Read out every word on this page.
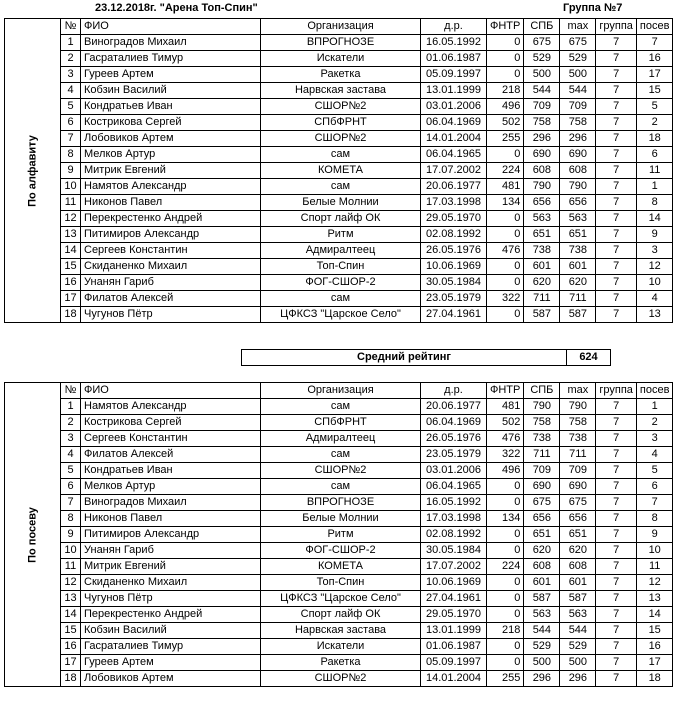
23.12.2018г. "Арена Топ-Спин"	Группа №7
По алфавиту	№	ФИО	Организация	д.р.	ФНТР	СПБ	max	группа	посев
	1	Виноградов Михаил	ВПРОГНОЗЕ	16.05.1992	0	675	675	7	7
	2	Гасраталиев Тимур	Искатели	01.06.1987	0	529	529	7	16
	3	Гуреев Артем	Ракетка	05.09.1997	0	500	500	7	17
	4	Кобзин Василий	Нарвская застава	13.01.1999	218	544	544	7	15
	5	Кондратьев Иван	СШОР№2	03.01.2006	496	709	709	7	5
	6	Кострикова Сергей	СПбФРНТ	06.04.1969	502	758	758	7	2
	7	Лобовиков Артем	СШОР№2	14.01.2004	255	296	296	7	18
	8	Мелков Артур	сам	06.04.1965	0	690	690	7	6
	9	Митрик Евгений	КОМЕТА	17.07.2002	224	608	608	7	11
	10	Намятов Александр	сам	20.06.1977	481	790	790	7	1
	11	Никонов Павел	Белые Молнии	17.03.1998	134	656	656	7	8
	12	Перекрестенко Андрей	Спорт лайф ОК	29.05.1970	0	563	563	7	14
	13	Питимиров Александр	Ритм	02.08.1992	0	651	651	7	9
	14	Сергеев Константин	Адмиралтеец	26.05.1976	476	738	738	7	3
	15	Скиданенко Михаил	Топ-Спин	10.06.1969	0	601	601	7	12
	16	Унанян Гариб	ФОГ-СШОР-2	30.05.1984	0	620	620	7	10
	17	Филатов Алексей	сам	23.05.1979	322	711	711	7	4
	18	Чугунов Пётр	ЦФКСЗ "Царское Село"	27.04.1961	0	587	587	7	13
Средний рейтинг	624
По посеву	№	ФИО	Организация	д.р.	ФНТР	СПБ	max	группа	посев
	1	Намятов Александр	сам	20.06.1977	481	790	790	7	1
	2	Кострикова Сергей	СПбФРНТ	06.04.1969	502	758	758	7	2
	3	Сергеев Константин	Адмиралтеец	26.05.1976	476	738	738	7	3
	4	Филатов Алексей	сам	23.05.1979	322	711	711	7	4
	5	Кондратьев Иван	СШОР№2	03.01.2006	496	709	709	7	5
	6	Мелков Артур	сам	06.04.1965	0	690	690	7	6
	7	Виноградов Михаил	ВПРОГНОЗЕ	16.05.1992	0	675	675	7	7
	8	Никонов Павел	Белые Молнии	17.03.1998	134	656	656	7	8
	9	Питимиров Александр	Ритм	02.08.1992	0	651	651	7	9
	10	Унанян Гариб	ФОГ-СШОР-2	30.05.1984	0	620	620	7	10
	11	Митрик Евгений	КОМЕТА	17.07.2002	224	608	608	7	11
	12	Скиданенко Михаил	Топ-Спин	10.06.1969	0	601	601	7	12
	13	Чугунов Пётр	ЦФКСЗ "Царское Село"	27.04.1961	0	587	587	7	13
	14	Перекрестенко Андрей	Спорт лайф ОК	29.05.1970	0	563	563	7	14
	15	Кобзин Василий	Нарвская застава	13.01.1999	218	544	544	7	15
	16	Гасраталиев Тимур	Искатели	01.06.1987	0	529	529	7	16
	17	Гуреев Артем	Ракетка	05.09.1997	0	500	500	7	17
	18	Лобовиков Артем	СШОР№2	14.01.2004	255	296	296	7	18
